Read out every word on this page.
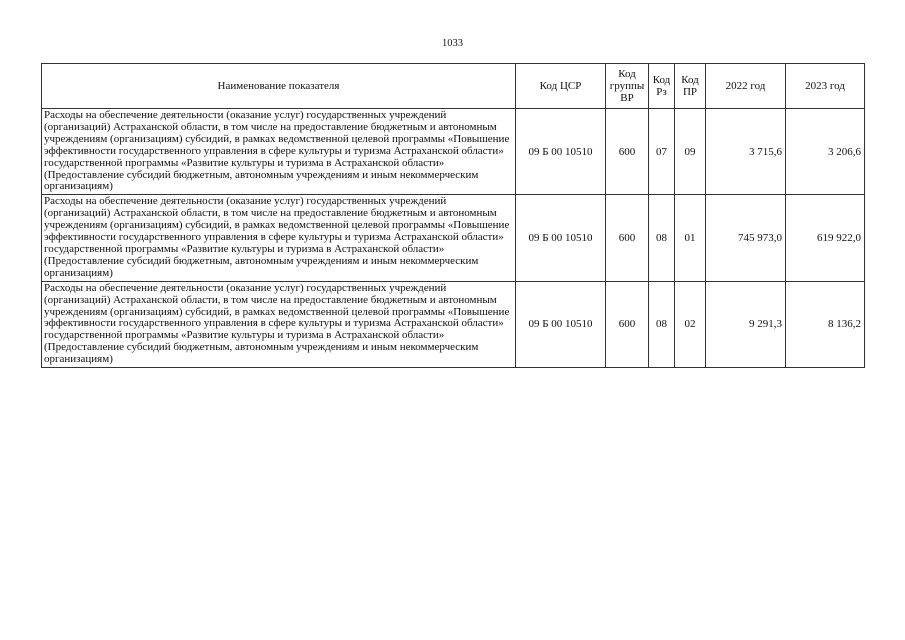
1033
Наименование показателя	Код ЦСР	Код группы ВР	Код Рз	Код ПР	2022 год	2023 год
Расходы на обеспечение деятельности (оказание услуг) государственных учреждений (организаций) Астраханской области, в том числе на предоставление бюджетным и автономным учреждениям (организациям) субсидий, в рамках ведомственной целевой программы «Повышение эффективности государственного управления в сфере культуры и туризма Астраханской области» государственной программы «Развитие культуры и туризма в Астраханской области» (Предоставление субсидий бюджетным, автономным учреждениям и иным некоммерческим организациям)	09 Б 00 10510	600	07	09	3 715,6	3 206,6
Расходы на обеспечение деятельности (оказание услуг) государственных учреждений (организаций) Астраханской области, в том числе на предоставление бюджетным и автономным учреждениям (организациям) субсидий, в рамках ведомственной целевой программы «Повышение эффективности государственного управления в сфере культуры и туризма Астраханской области» государственной программы «Развитие культуры и туризма в Астраханской области» (Предоставление субсидий бюджетным, автономным учреждениям и иным некоммерческим организациям)	09 Б 00 10510	600	08	01	745 973,0	619 922,0
Расходы на обеспечение деятельности (оказание услуг) государственных учреждений (организаций) Астраханской области, в том числе на предоставление бюджетным и автономным учреждениям (организациям) субсидий, в рамках ведомственной целевой программы «Повышение эффективности государственного управления в сфере культуры и туризма Астраханской области» государственной программы «Развитие культуры и туризма в Астраханской области» (Предоставление субсидий бюджетным, автономным учреждениям и иным некоммерческим организациям)	09 Б 00 10510	600	08	02	9 291,3	8 136,2
